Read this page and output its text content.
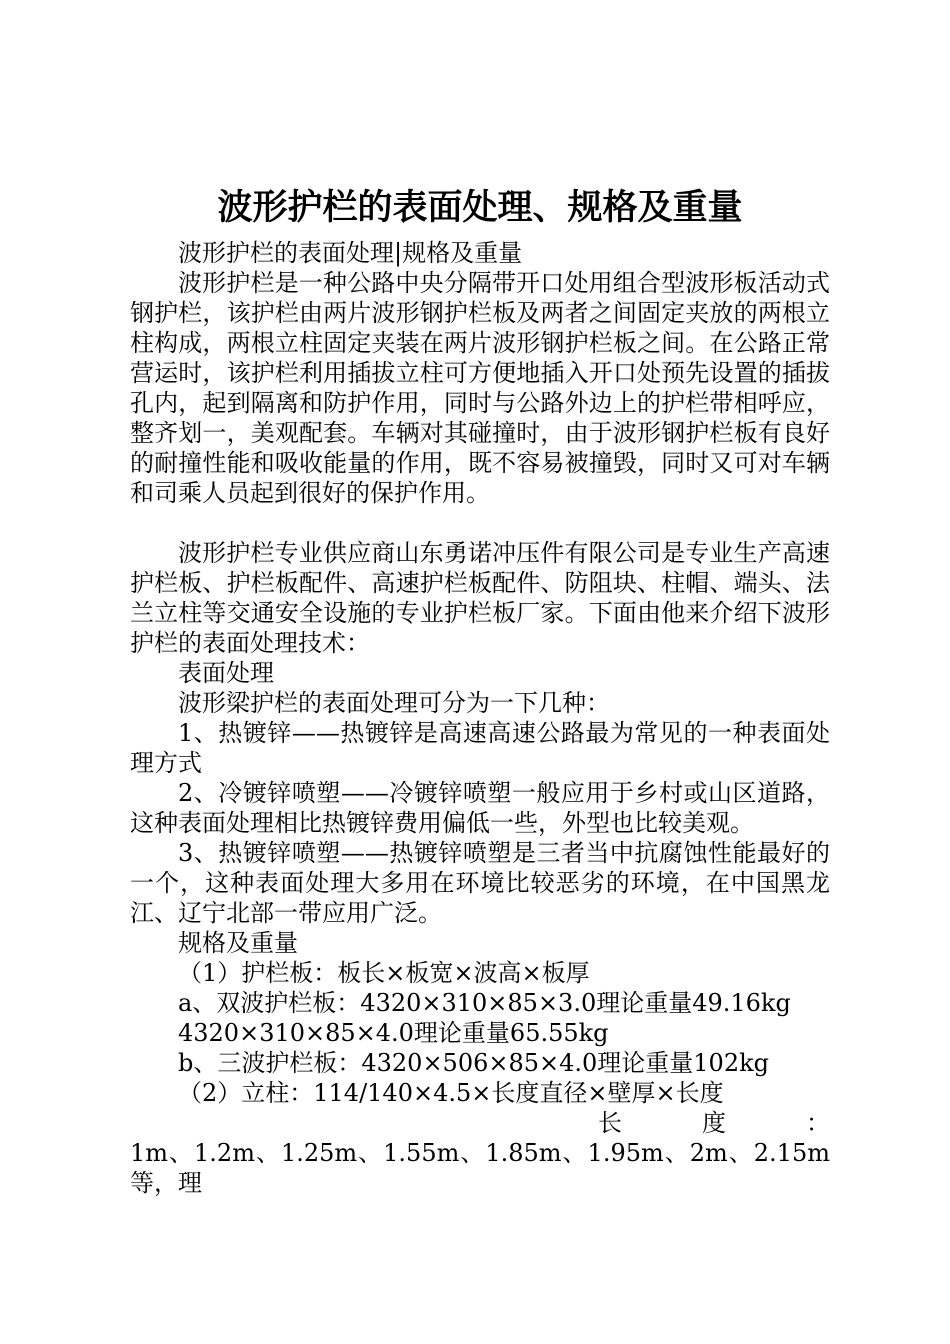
波形护栏的表面处理、规格及重量

波形护栏的表面处理|规格及重量

波形护栏是一种公路中央分隔带开口处用组合型波形板活动式钢护栏，该护栏由两片波形钢护栏板及两者之间固定夹放的两根立柱构成，两根立柱固定夹装在两片波形钢护栏板之间。在公路正常营运时，该护栏利用插拔立柱可方便地插入开口处预先设置的插拔孔内，起到隔离和防护作用，同时与公路外边上的护栏带相呼应，整齐划一，美观配套。车辆对其碰撞时，由于波形钢护栏板有良好的耐撞性能和吸收能量的作用，既不容易被撞毁，同时又可对车辆和司乘人员起到很好的保护作用。

波形护栏专业供应商山东勇诺冲压件有限公司是专业生产高速护栏板、护栏板配件、高速护栏板配件、防阻块、柱帽、端头、法兰立柱等交通安全设施的专业护栏板厂家。下面由他来介绍下波形护栏的表面处理技术：

表面处理

波形梁护栏的表面处理可分为一下几种：

1、热镀锌——热镀锌是高速高速公路最为常见的一种表面处理方式

2、冷镀锌喷塑——冷镀锌喷塑一般应用于乡村或山区道路，这种表面处理相比热镀锌费用偏低一些，外型也比较美观。

3、热镀锌喷塑——热镀锌喷塑是三者当中抗腐蚀性能最好的一个，这种表面处理大多用在环境比较恶劣的环境，在中国黑龙江、辽宁北部一带应用广泛。

规格及重量

（1）护栏板：板长×板宽×波高×板厚

a、双波护栏板：4320×310×85×3.0理论重量49.16kg

4320×310×85×4.0理论重量65.55kg

b、三波护栏板：4320×506×85×4.0理论重量102kg

（2）立柱：114/140×4.5×长度直径×壁厚×长度

长	度	：

1m、1.2m、1.25m、1.55m、1.85m、1.95m、2m、2.15m等，理
